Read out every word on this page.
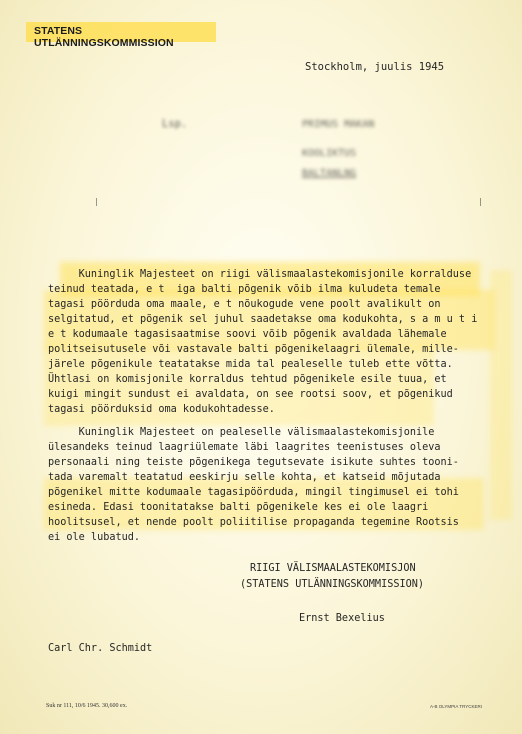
STATENS UTLÄNNINGSKOMMISSION
Stockholm, juulis 1945
Lsp.	PRIMUS MAKAN
KOOLIKTUS
BALTANLNG
Kuninglik Majesteet on riigi välismaalastekomisjonile korralduse
teinud teatada, e t  iga balti põgenik võib ilma kuludeta temale
tagasi pöörduda oma maale, e t nõukogude vene poolt avalikult on
selgitatud, et põgenik sel juhul saadetakse oma kodukohta, s a m u t i
e t kodumaale tagasisaatmise soovi võib põgenik avaldada lähemale
politseisutusele või vastavale balti põgenikelaagri ülemale, mille-
järele põgenikule teatatakse mida tal pealeselle tuleb ette võtta.
Ühtlasi on komisjonile korraldus tehtud põgenikele esile tuua, et
kuigi mingit sundust ei avaldata, on see rootsi soov, et põgenikud
tagasi pöörduksid oma kodukohtadesse.
Kuninglik Majesteet on pealeselle välismaalastekomisjonile
ülesandeks teinud laagriülemate läbi laagrites teenistuses oleva
personaali ning teiste põgenikega tegutsevate isikute suhtes tooni-
tada varemalt teatatud eeskirju selle kohta, et katseid mõjutada
põgenikel mitte kodumaale tagasipöörduda, mingil tingimusel ei tohi
esineda. Edasi toonitatakse balti põgenikele kes ei ole laagri
hoolitsusel, et nende poolt poliitilise propaganda tegemine Rootsis
ei ole lubatud.
RIIGI VÄLISMAALASTEKOMISJON
(STATENS UTLÄNNINGSKOMMISSION)
Ernst Bexelius
Carl Chr. Schmidt
Suk nr 111, 10/6 1945. 30,600 ex.	A-B OLYMPIA TRYCKERI
